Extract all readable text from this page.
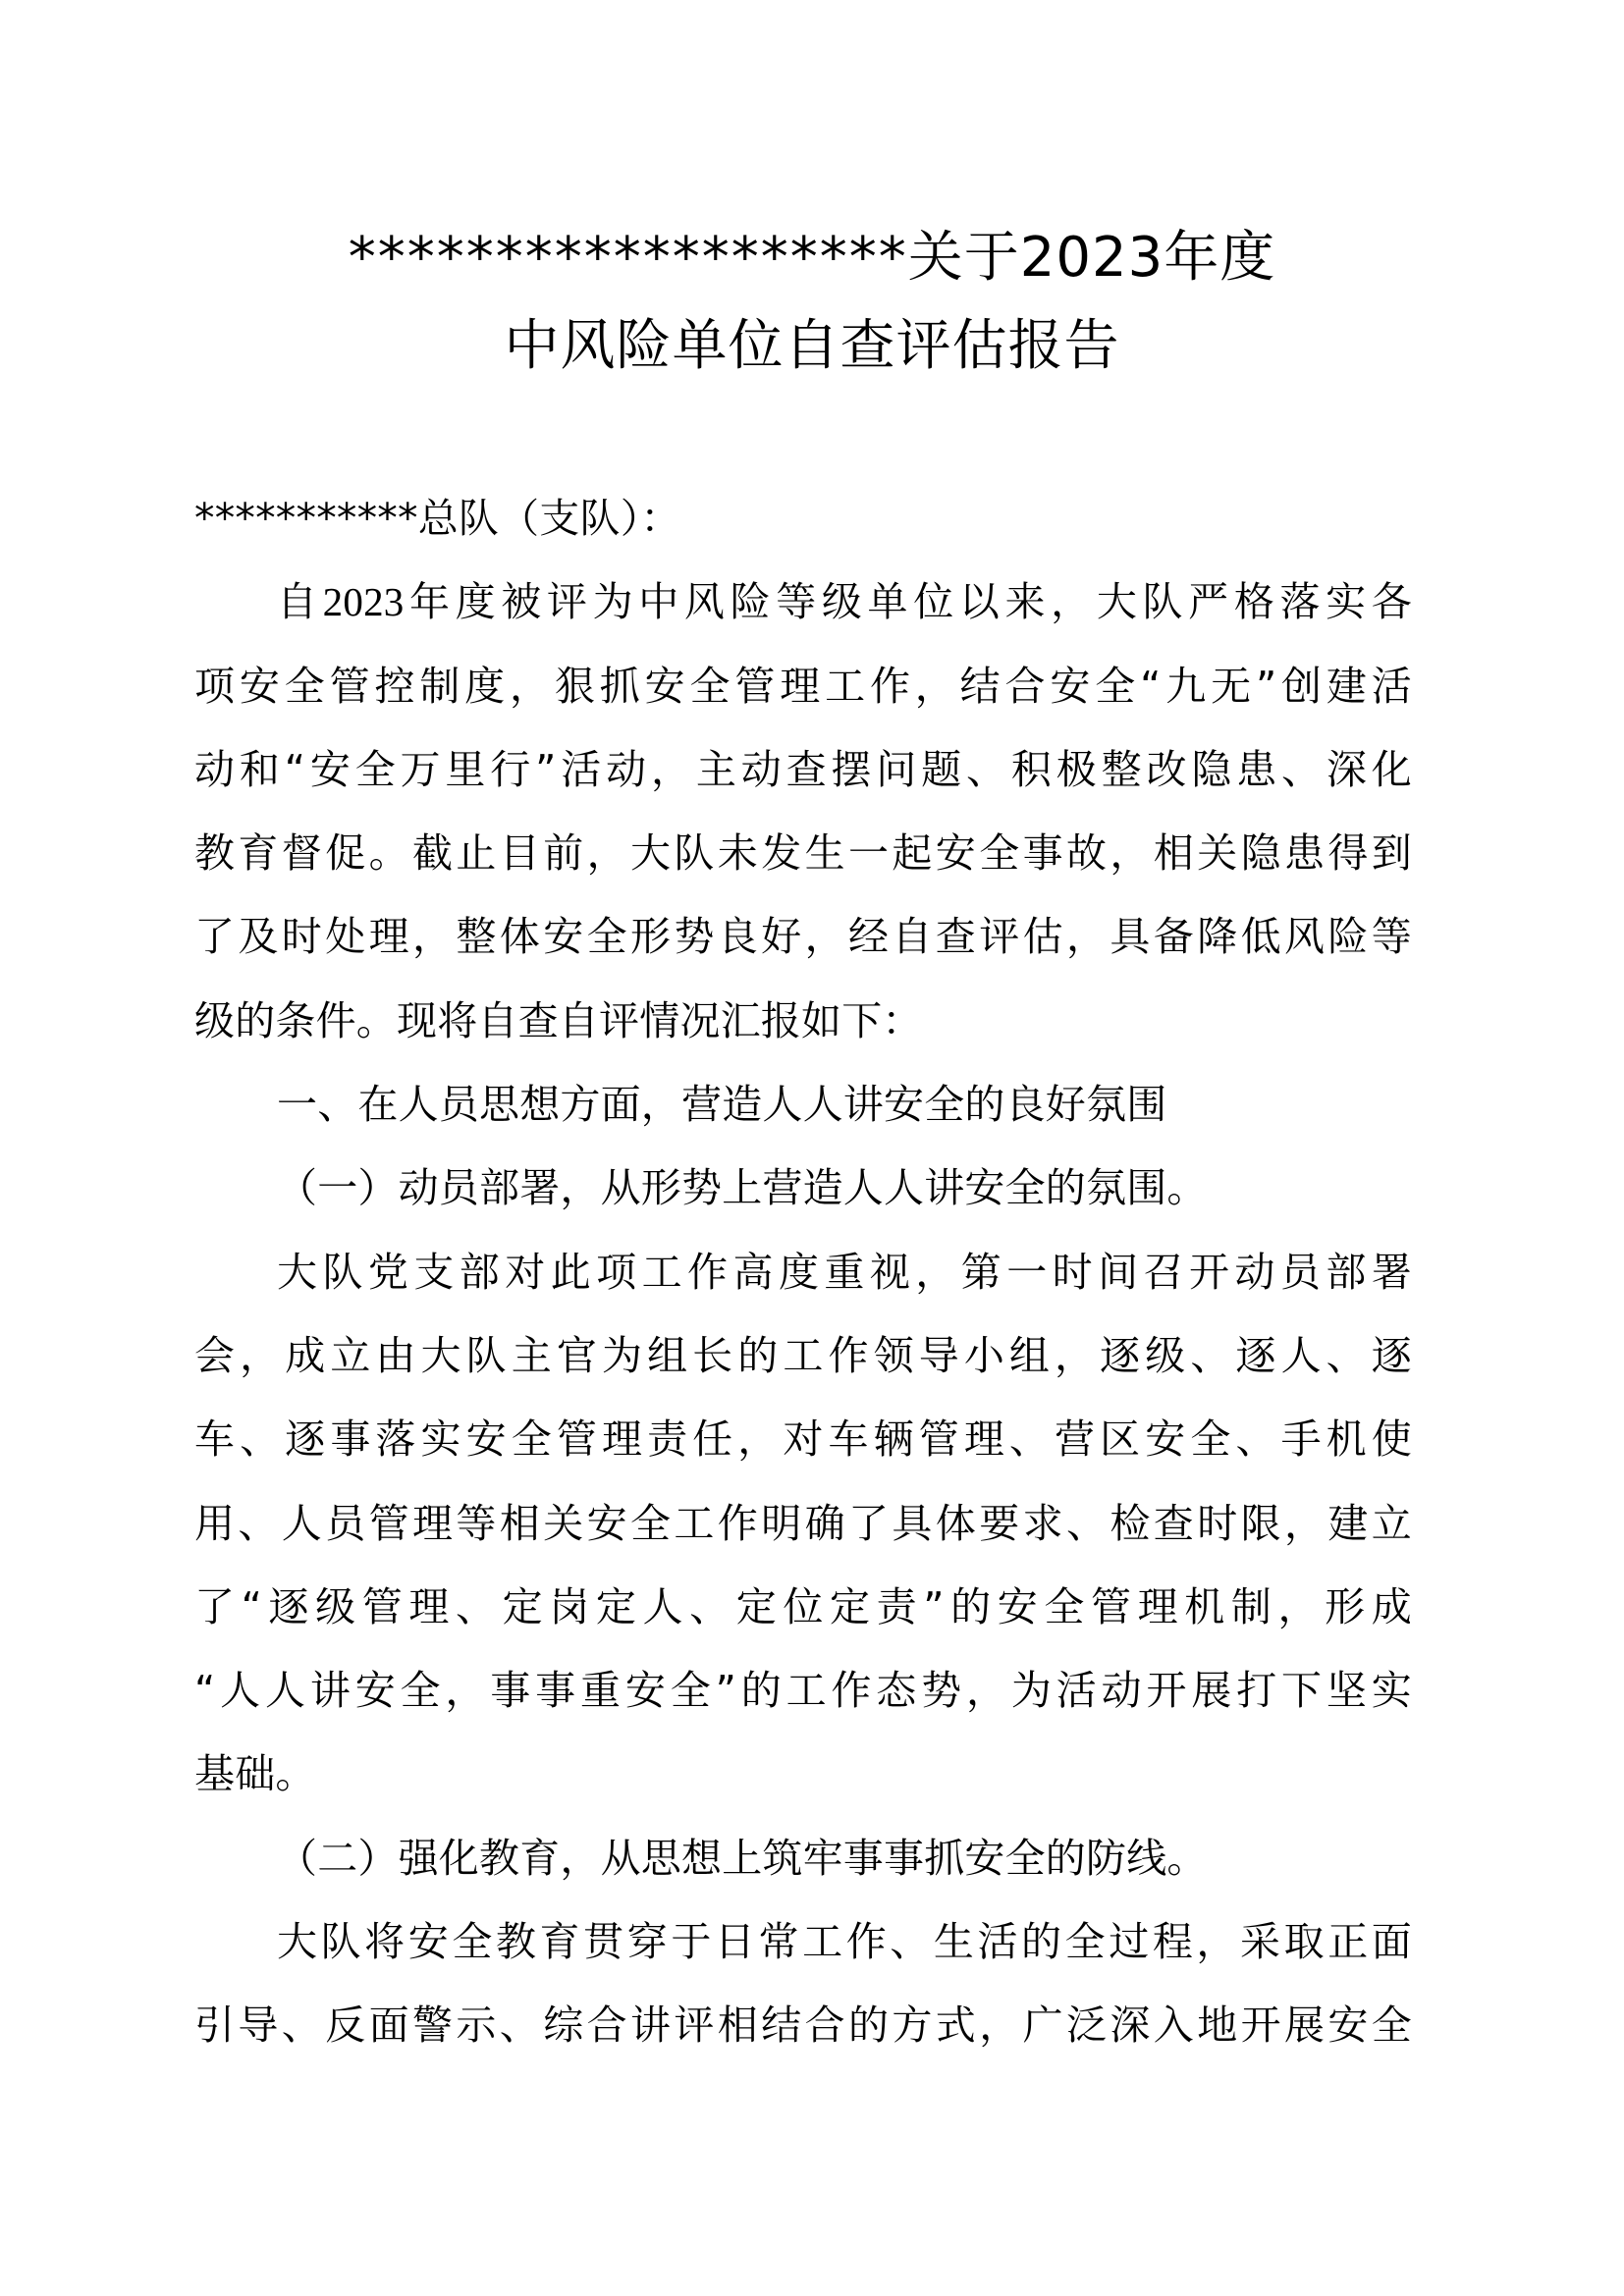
*******************关于2023年度
中风险单位自查评估报告
***********总队（支队）：
自2023年度被评为中风险等级单位以来，大队严格落实各
项安全管控制度，狠抓安全管理工作，结合安全“九无”创建活
动和“安全万里行”活动，主动查摆问题、积极整改隐患、深化
教育督促。截止目前，大队未发生一起安全事故，相关隐患得到
了及时处理，整体安全形势良好，经自查评估，具备降低风险等
级的条件。现将自查自评情况汇报如下：
一、在人员思想方面，营造人人讲安全的良好氛围
（一）动员部署，从形势上营造人人讲安全的氛围。
大队党支部对此项工作高度重视，第一时间召开动员部署
会，成立由大队主官为组长的工作领导小组，逐级、逐人、逐
车、逐事落实安全管理责任，对车辆管理、营区安全、手机使
用、人员管理等相关安全工作明确了具体要求、检查时限，建立
了“逐级管理、定岗定人、定位定责”的安全管理机制，形成
“人人讲安全，事事重安全”的工作态势，为活动开展打下坚实
基础。
（二）强化教育，从思想上筑牢事事抓安全的防线。
大队将安全教育贯穿于日常工作、生活的全过程，采取正面
引导、反面警示、综合讲评相结合的方式，广泛深入地开展安全
